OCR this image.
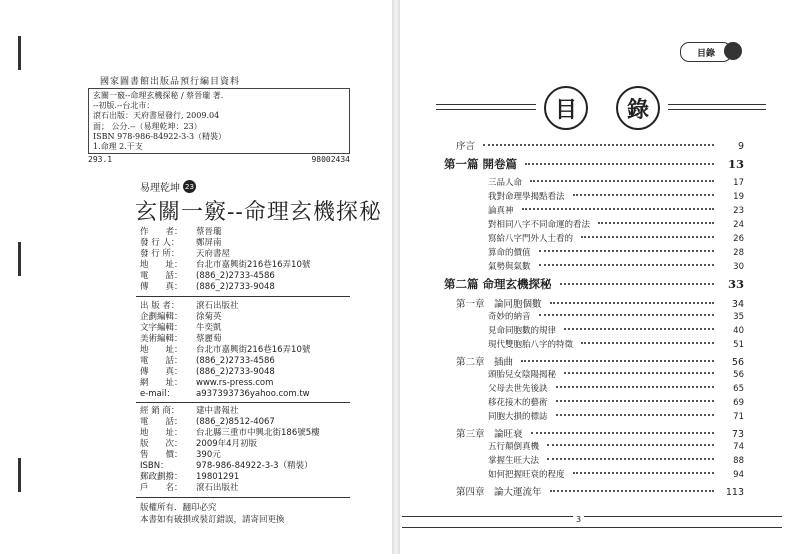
國家圖書館出版品預行編目資料
玄關一竅--命理玄機探秘 / 蔡晉瓏 著.
--初版.--台北市：
滾石出版：天府書屋發行, 2009.04
面； 公分.--（易理乾坤：23）
ISBN 978-986-84922-3-3（精裝）
1.命理 2.干支
293.1	98002434
易理乾坤 23
玄關一竅--命理玄機探秘
作　　者：	蔡晉瓏
發 行 人：	鄭屏南
發 行 所：	天府書屋
地　　址：	台北市嘉興街216巷16弄10號
電　　話：	(886_2)2733-4586
傳　　真：	(886_2)2733-9048
出 版 者：	滾石出版社
企劃編輯：	徐菊英
文字編輯：	牛奕凱
美術編輯：	蔡麗萄
地　　址：	台北市嘉興街216巷16弄10號
電　　話：	(886_2)2733-4586
傳　　真：	(886_2)2733-9048
網　　址：	www.rs-press.com
e-mail：	a937393736yahoo.com.tw
經 銷 商：	建中書報社
電　　話：	(886_2)8512-4067
地　　址：	台北縣三重市中興北街186號5樓
版　　次：	2009年4月初版
售　　價：	390元
ISBN：	978-986-84922-3-3（精裝）
郵政劃撥：	19801291
戶　　名：	滾石出版社
版權所有．翻印必究
本書如有破損或裝訂錯誤，請寄回更換
目錄
目	錄
序言	9
第一篇 開卷篇	13
三品人命	17
我對命理學揭點看法	19
論真神	23
對相同八字不同命運的看法	24
寫給八字門外人士看的	26
算命的價值	28
氣勢與氣數	30
第二篇 命理玄機探秘	33
第一章　論同胞個數	34
奇妙的納音	35
見命同胞數的規律	40
現代雙胞胎八字的特徵	51
第二章　插曲	56
頭胎兒女陰陽揭秘	56
父母去世先後訣	65
移花接木的藝術	69
同胞大損的標誌	71
第三章　論旺衰	73
五行顛倒真機	74
掌握生旺大法	88
如何把握旺衰的程度	94
第四章　論大運流年	113
3
